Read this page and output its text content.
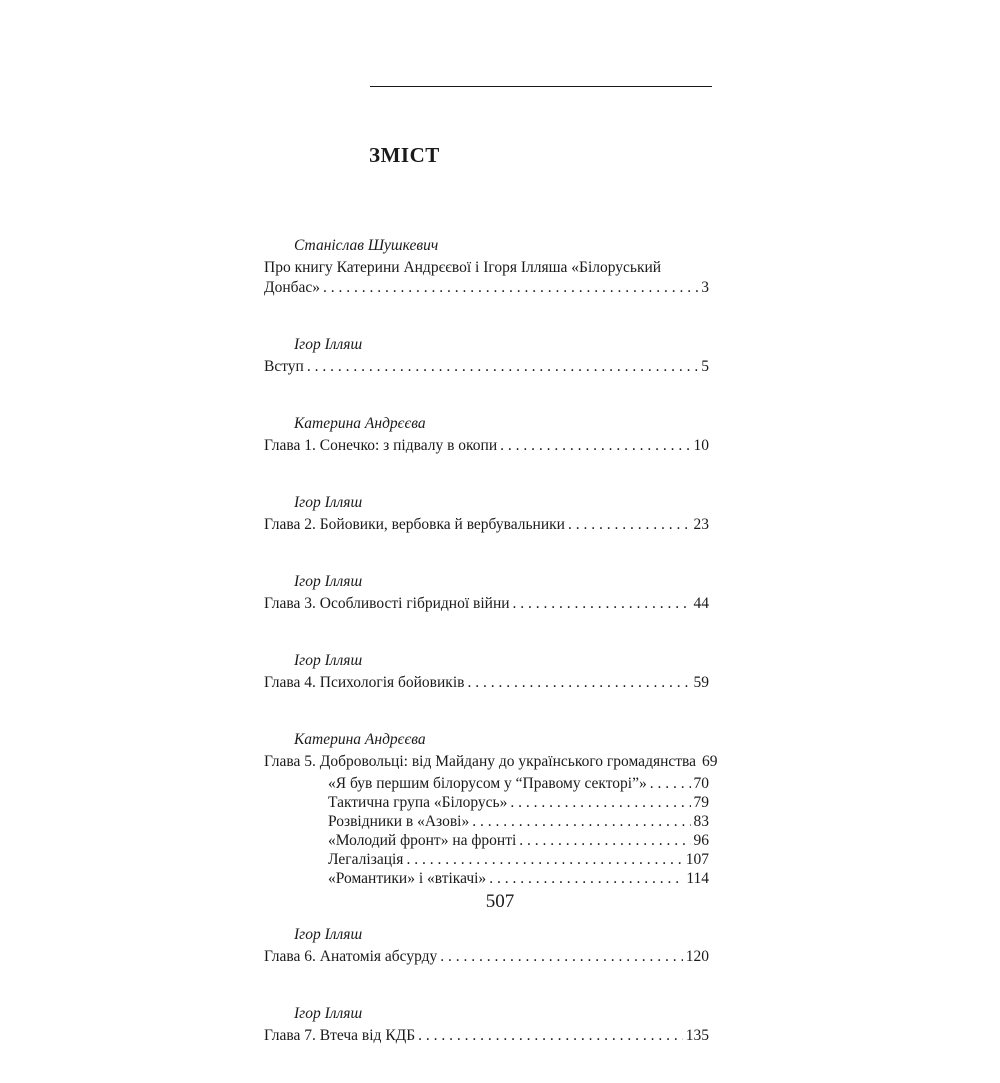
ЗМІСТ
Станіслав Шушкевич
Про книгу Катерини Андрєєвої і Ігоря Ілляша «Білоруський
Донбас» . . .	3
Ігор Ілляш
Вступ . . .	5
Катерина Андрєєва
Глава 1. Сонечко: з підвалу в окопи . . .	10
Ігор Ілляш
Глава 2. Бойовики, вербовка й вербувальники . . .	23
Ігор Ілляш
Глава 3. Особливості гібридної війни . . .	44
Ігор Ілляш
Глава 4. Психологія бойовиків . . .	59
Катерина Андрєєва
Глава 5. Добровольці: від Майдану до українського громадянства 69
«Я був першим білорусом у “Правому секторі”» . . .	70
Тактична група «Білорусь» . . .	79
Розвідники в «Азові» . . .	83
«Молодий фронт» на фронті . . .	96
Легалізація . . .	107
«Романтики» і «втікачі» . . .	114
Ігор Ілляш
Глава 6. Анатомія абсурду . . .	120
Ігор Ілляш
Глава 7. Втеча від КДБ . . .	135
507
